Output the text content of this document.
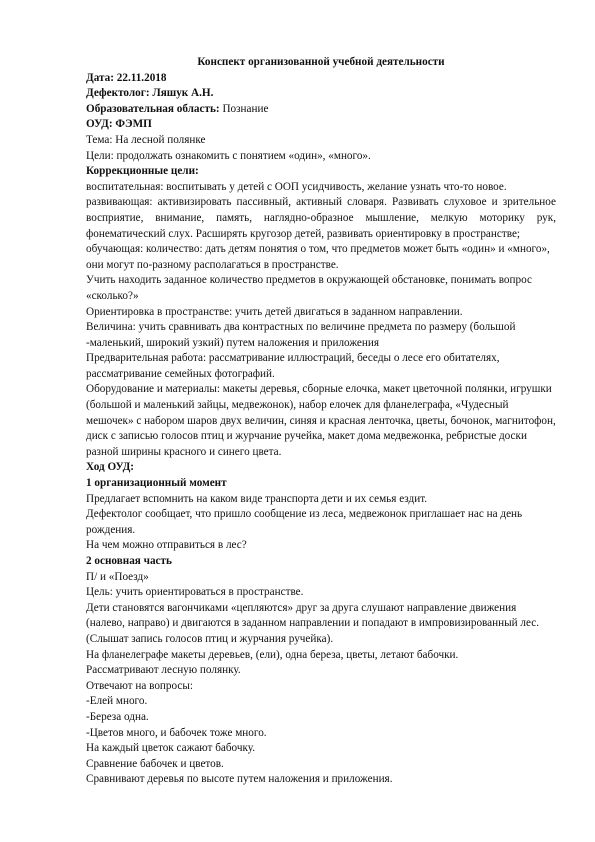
Конспект организованной учебной деятельности

Дата: 22.11.2018

Дефектолог: Ляшук А.Н.

Образовательная область: Познание

ОУД: ФЭМП

Тема: На лесной полянке

Цели: продолжать ознакомить с понятием «один», «много».

Коррекционные цели:

воспитательная: воспитывать у детей с ООП усидчивость, желание узнать что-то новое.

развивающая: активизировать пассивный, активный словаря. Развивать слуховое и зрительное восприятие, внимание, память, наглядно-образное мышление, мелкую моторику рук, фонематический слух. Расширять кругозор детей, развивать ориентировку в пространстве;

обучающая: количество: дать детям понятия о том, что предметов может быть «один» и «много», они могут по-разному располагаться в пространстве.

Учить находить заданное количество предметов в окружающей обстановке, понимать вопрос «сколько?»

Ориентировка в пространстве: учить детей двигаться в заданном направлении.

Величина: учить сравнивать два контрастных по величине предмета по размеру (большой -маленький, широкий узкий) путем наложения и приложения

Предварительная работа: рассматривание иллюстраций, беседы о лесе его обитателях, рассматривание семейных фотографий.

Оборудование и материалы: макеты деревья, сборные елочка, макет цветочной полянки, игрушки (большой и маленький зайцы, медвежонок), набор елочек для фланелеграфа, «Чудесный мешочек» с набором шаров двух величин, синяя и красная ленточка, цветы, бочонок, магнитофон, диск с записью голосов птиц и журчание ручейка, макет дома медвежонка, ребристые доски разной ширины красного и синего цвета.

Ход ОУД:

1 организационный момент

Предлагает вспомнить на каком виде транспорта дети и их семья ездит.

Дефектолог сообщает, что пришло сообщение из леса, медвежонок приглашает нас на день рождения.

На чем можно отправиться в лес?

2 основная часть

П/ и «Поезд»

Цель: учить ориентироваться в пространстве.

Дети становятся вагончиками «цепляются» друг за друга слушают направление движения (налево, направо) и двигаются в заданном направлении и попадают в импровизированный лес.

(Слышат запись голосов птиц и журчания ручейка).

На фланелеграфе макеты деревьев, (ели), одна береза, цветы, летают бабочки.

Рассматривают лесную полянку.

Отвечают на вопросы:

-Елей много.

-Береза одна.

-Цветов много, и бабочек тоже много.

На каждый цветок сажают бабочку.

Сравнение бабочек и цветов.

Сравнивают деревья по высоте путем наложения и приложения.
